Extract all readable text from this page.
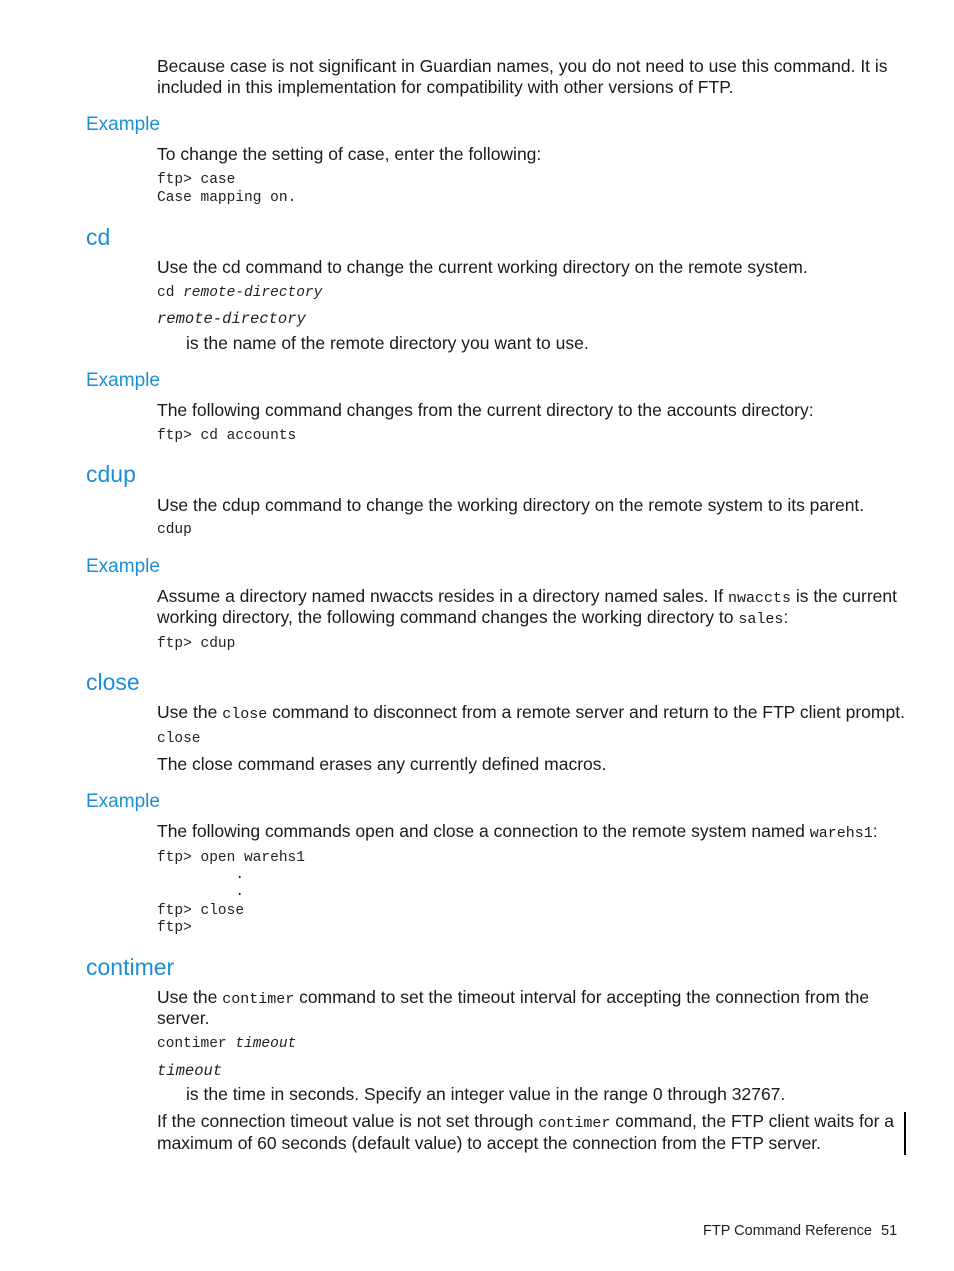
Because case is not significant in Guardian names, you do not need to use this command. It is
included in this implementation for compatibility with other versions of FTP.
Example
To change the setting of case, enter the following:
ftp> case
Case mapping on.
cd
Use the cd command to change the current working directory on the remote system.
cd remote-directory
remote-directory
is the name of the remote directory you want to use.
Example
The following command changes from the current directory to the accounts directory:
ftp> cd accounts
cdup
Use the cdup command to change the working directory on the remote system to its parent.
cdup
Example
Assume a directory named nwaccts resides in a directory named sales. If nwaccts is the current
working directory, the following command changes the working directory to sales:
ftp> cdup
close
Use the close command to disconnect from a remote server and return to the FTP client prompt.
close
The close command erases any currently defined macros.
Example
The following commands open and close a connection to the remote system named warehs1:
ftp> open warehs1
.
.
ftp> close
ftp>
contimer
Use the contimer command to set the timeout interval for accepting the connection from the
server.
contimer timeout
timeout
is the time in seconds. Specify an integer value in the range 0 through 32767.
If the connection timeout value is not set through contimer command, the FTP client waits for a
maximum of 60 seconds (default value) to accept the connection from the FTP server.
FTP Command Reference 51
